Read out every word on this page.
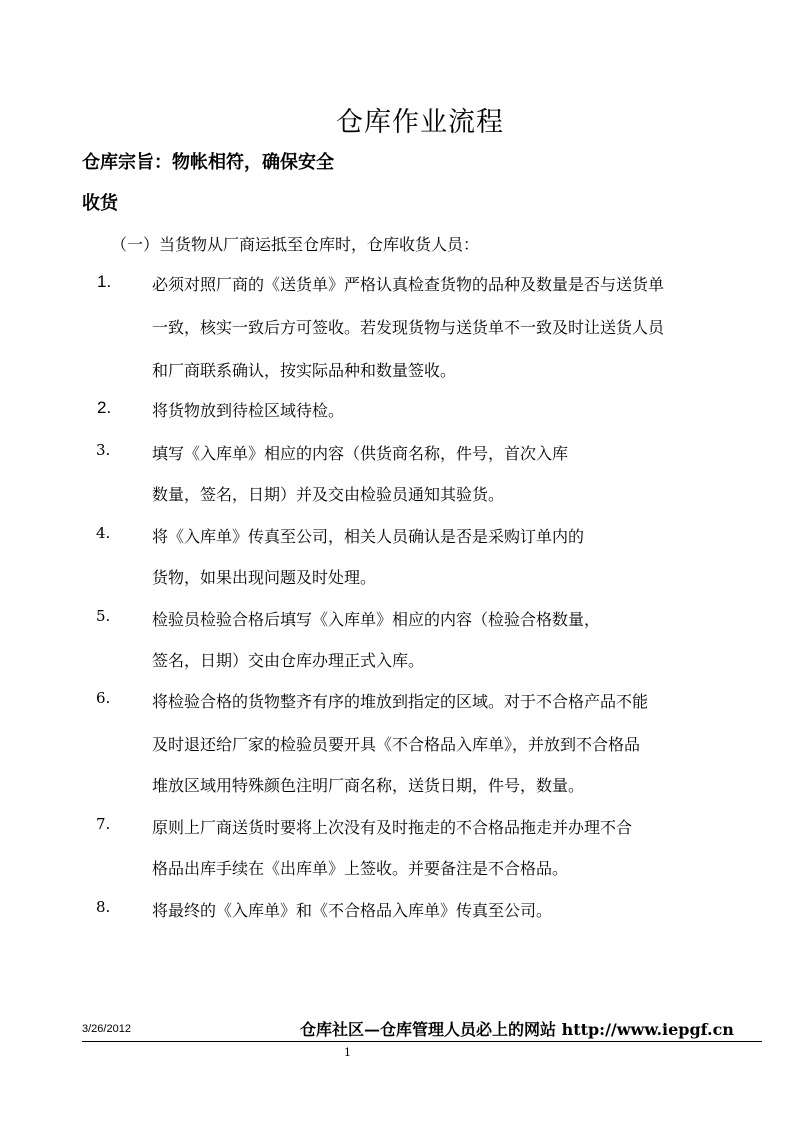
仓库作业流程
仓库宗旨：物帐相符，确保安全
收货
（一）当货物从厂商运抵至仓库时，仓库收货人员：
1.	必须对照厂商的《送货单》严格认真检查货物的品种及数量是否与送货单
一致，核实一致后方可签收。若发现货物与送货单不一致及时让送货人员
和厂商联系确认，按实际品种和数量签收。
2.	将货物放到待检区域待检。
3.	填写《入库单》相应的内容（供货商名称，件号，首次入库
数量，签名，日期）并及交由检验员通知其验货。
4.	将《入库单》传真至公司，相关人员确认是否是采购订单内的
货物，如果出现问题及时处理。
5.	检验员检验合格后填写《入库单》相应的内容（检验合格数量，
签名，日期）交由仓库办理正式入库。
6.	将检验合格的货物整齐有序的堆放到指定的区域。对于不合格产品不能
及时退还给厂家的检验员要开具《不合格品入库单》，并放到不合格品
堆放区域用特殊颜色注明厂商名称，送货日期，件号，数量。
7.	原则上厂商送货时要将上次没有及时拖走的不合格品拖走并办理不合
格品出库手续在《出库单》上签收。并要备注是不合格品。
8.	将最终的《入库单》和《不合格品入库单》传真至公司。
3/26/2012	仓库社区—仓库管理人员必上的网站 http://www.iepgf.cn
1
